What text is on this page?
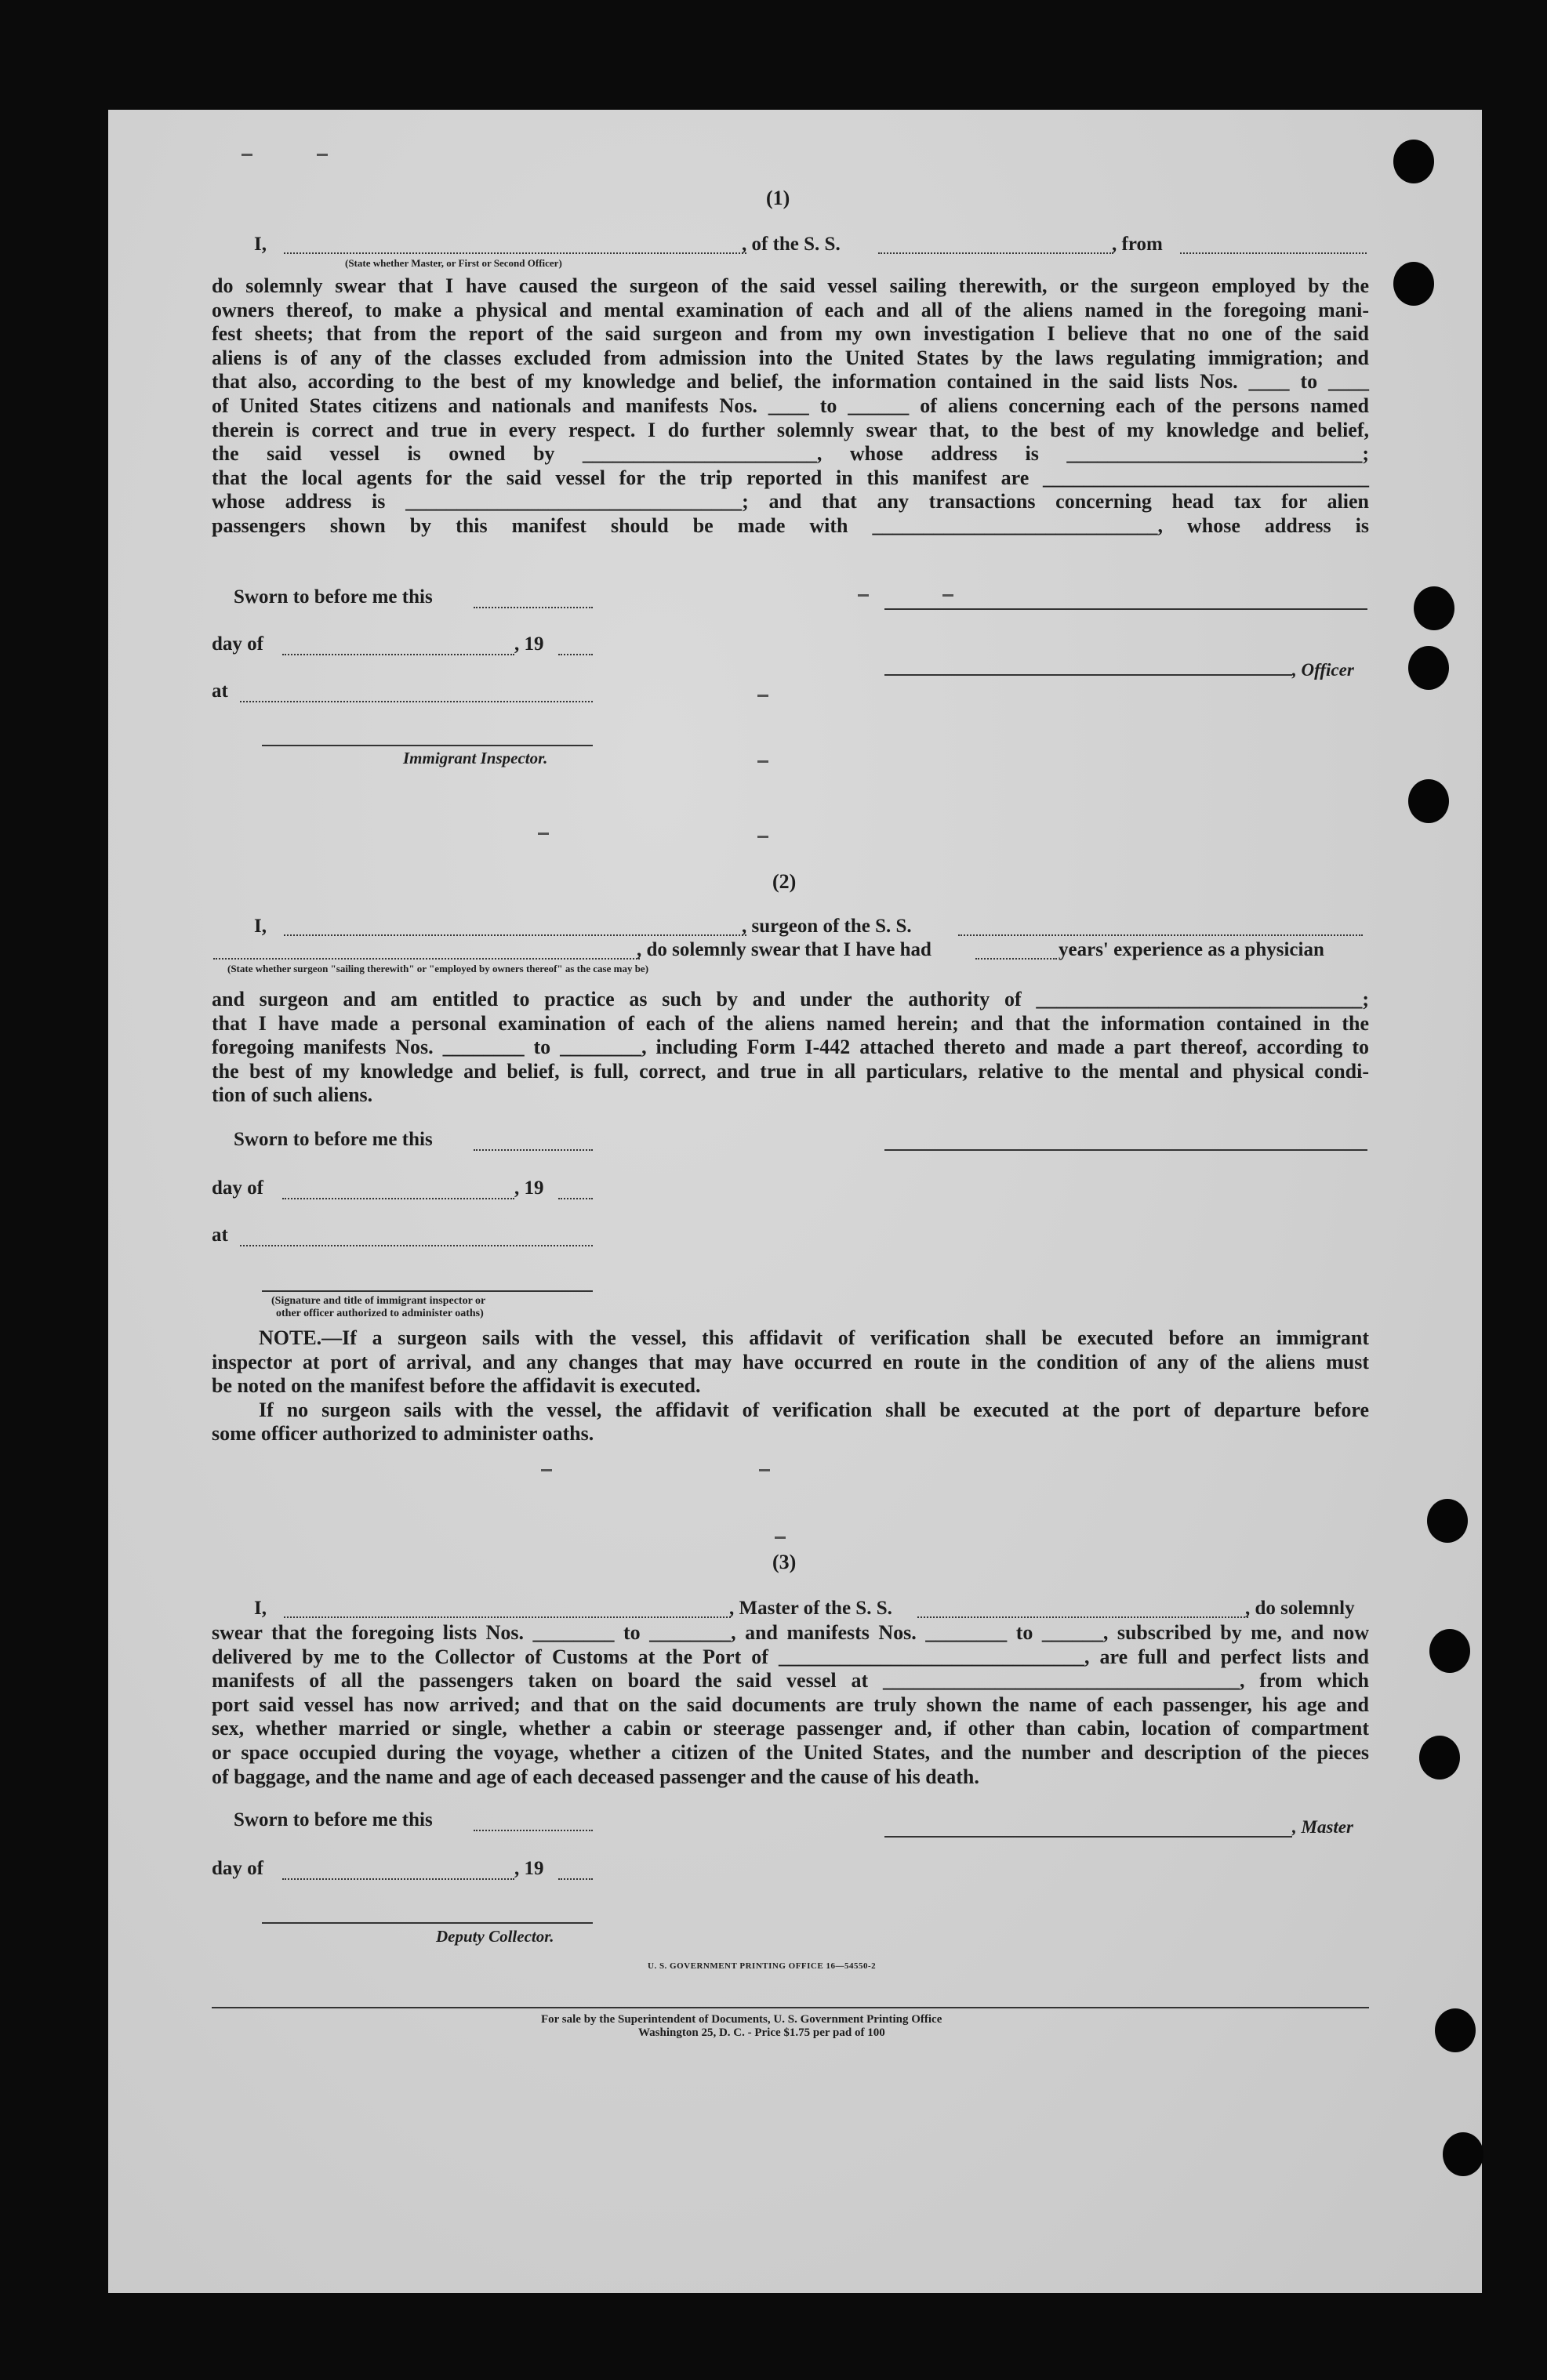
(1)
I,	, of the S. S.	, from
(State whether Master, or First or Second Officer)
do solemnly swear that I have caused the surgeon of the said vessel sailing therewith, or the surgeon employed by the
owners thereof, to make a physical and mental examination of each and all of the aliens named in the foregoing mani-
fest sheets; that from the report of the said surgeon and from my own investigation I believe that no one of the said
aliens is of any of the classes excluded from admission into the United States by the laws regulating immigration; and
that also, according to the best of my knowledge and belief, the information contained in the said lists Nos. ____ to ____
of United States citizens and nationals and manifests Nos. ____ to ______ of aliens concerning each of the persons named
therein is correct and true in every respect. I do further solemnly swear that, to the best of my knowledge and belief,
the said vessel is owned by _______________________, whose address is _____________________________;
that the local agents for the said vessel for the trip reported in this manifest are ________________________________
whose address is _________________________________; and that any transactions concerning head tax for alien
passengers shown by this manifest should be made with ____________________________, whose address is
Sworn to before me this
day of	, 19
, Officer
at
Immigrant Inspector.
(2)
I,	, surgeon of the S. S.
, do solemnly swear that I have had	years' experience as a physician
(State whether surgeon "sailing therewith" or "employed by owners thereof" as the case may be)
and surgeon and am entitled to practice as such by and under the authority of ________________________________;
that I have made a personal examination of each of the aliens named herein; and that the information contained in the
foregoing manifests Nos. ________ to ________, including Form I-442 attached thereto and made a part thereof, according to
the best of my knowledge and belief, is full, correct, and true in all particulars, relative to the mental and physical condi-
tion of such aliens.
Sworn to before me this
day of	, 19
at
(Signature and title of immigrant inspector or
other officer authorized to administer oaths)
NOTE.—If a surgeon sails with the vessel, this affidavit of verification shall be executed before an immigrant
inspector at port of arrival, and any changes that may have occurred en route in the condition of any of the aliens must
be noted on the manifest before the affidavit is executed.
If no surgeon sails with the vessel, the affidavit of verification shall be executed at the port of departure before
some officer authorized to administer oaths.
(3)
I,	, Master of the S. S.	, do solemnly
swear that the foregoing lists Nos. ________ to ________, and manifests Nos. ________ to ______, subscribed by me, and now
delivered by me to the Collector of Customs at the Port of ______________________________, are full and perfect lists and
manifests of all the passengers taken on board the said vessel at ___________________________________, from which
port said vessel has now arrived; and that on the said documents are truly shown the name of each passenger, his age and
sex, whether married or single, whether a cabin or steerage passenger and, if other than cabin, location of compartment
or space occupied during the voyage, whether a citizen of the United States, and the number and description of the pieces
of baggage, and the name and age of each deceased passenger and the cause of his death.
Sworn to before me this	, Master
day of	, 19
Deputy Collector.
U. S. GOVERNMENT PRINTING OFFICE 16—54550-2
For sale by the Superintendent of Documents, U. S. Government Printing Office
Washington 25, D. C. - Price $1.75 per pad of 100
